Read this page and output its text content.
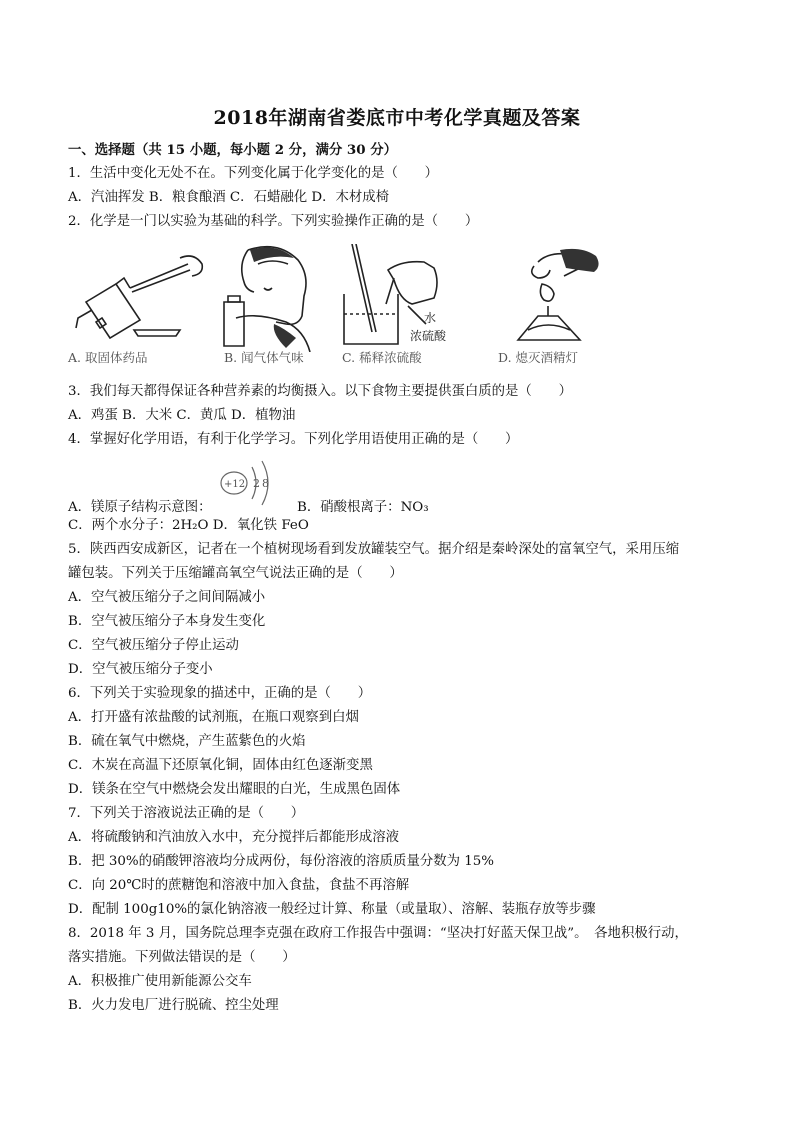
2018年湖南省娄底市中考化学真题及答案
一、选择题（共 15 小题，每小题 2 分，满分 30 分）
1．生活中变化无处不在。下列变化属于化学变化的是（　　）
A．汽油挥发 B．粮食酿酒 C．石蜡融化 D．木材成椅
2．化学是一门以实验为基础的科学。下列实验操作正确的是（　　）
A. 取固体药品	B. 闻气体气味
水
浓硫酸
C. 稀释浓硫酸	D. 熄灭酒精灯
3．我们每天都得保证各种营养素的均衡摄入。以下食物主要提供蛋白质的是（　　）
A．鸡蛋 B．大米 C．黄瓜 D．植物油
4．掌握好化学用语，有利于化学学习。下列化学用语使用正确的是（　　）
+12 2 8
A．镁原子结构示意图：	B．硝酸根离子：NO₃
C．两个水分子：2H₂O D．氧化铁 FeO
5．陕西西安成新区，记者在一个植树现场看到发放罐装空气。据介绍是秦岭深处的富氧空气，采用压缩
罐包装。下列关于压缩罐高氧空气说法正确的是（　　）
A．空气被压缩分子之间间隔减小
B．空气被压缩分子本身发生变化
C．空气被压缩分子停止运动
D．空气被压缩分子变小
6．下列关于实验现象的描述中，正确的是（　　）
A．打开盛有浓盐酸的试剂瓶，在瓶口观察到白烟
B．硫在氧气中燃烧，产生蓝紫色的火焰
C．木炭在高温下还原氧化铜，固体由红色逐渐变黑
D．镁条在空气中燃烧会发出耀眼的白光，生成黑色固体
7．下列关于溶液说法正确的是（　　）
A．将硫酸钠和汽油放入水中，充分搅拌后都能形成溶液
B．把 30%的硝酸钾溶液均分成两份，每份溶液的溶质质量分数为 15%
C．向 20℃时的蔗糖饱和溶液中加入食盐，食盐不再溶解
D．配制 100g10%的氯化钠溶液一般经过计算、称量（或量取）、溶解、装瓶存放等步骤
8．2018 年 3 月，国务院总理李克强在政府工作报告中强调：“坚决打好蓝天保卫战”。　各地积极行动，
落实措施。下列做法错误的是（　　）
A．积极推广使用新能源公交车
B．火力发电厂进行脱硫、控尘处理
